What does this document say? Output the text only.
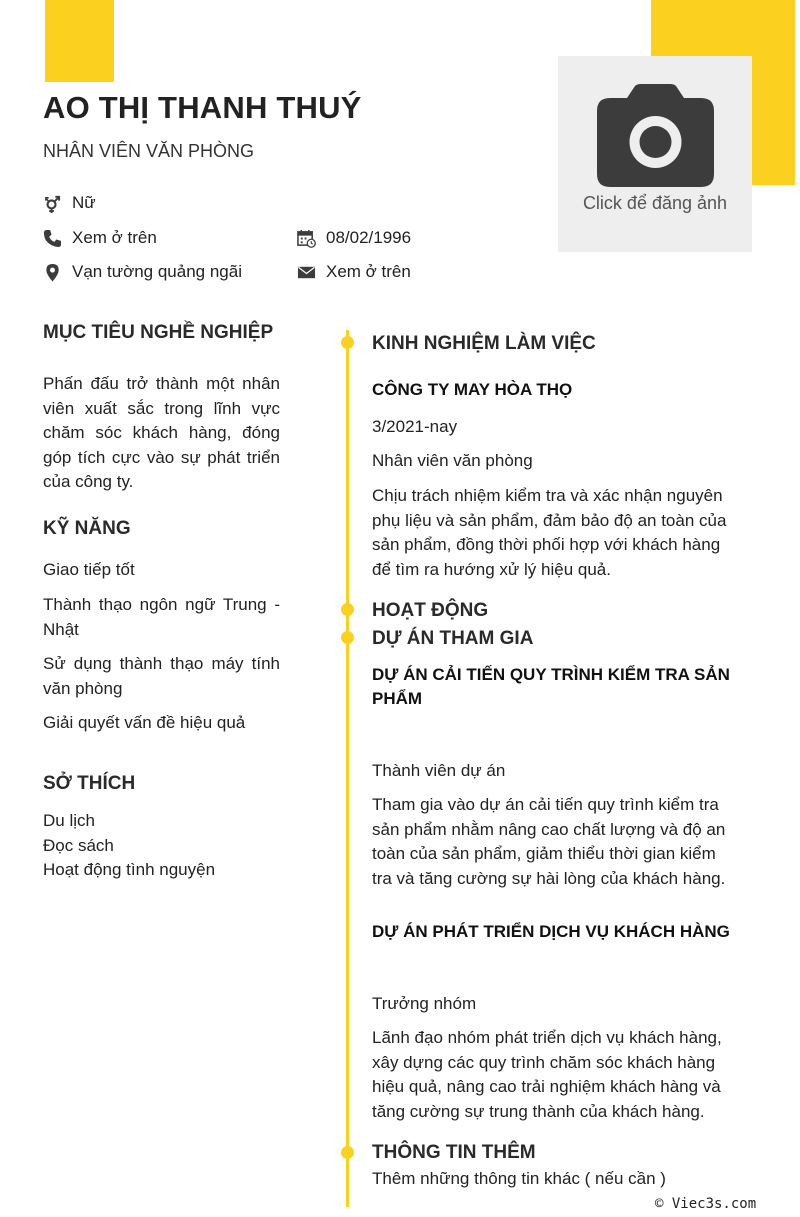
Click để đăng ảnh
AO THỊ THANH THUÝ
NHÂN VIÊN VĂN PHÒNG
Nữ
Xem ở trên	08/02/1996
Vạn tường quảng ngãi	Xem ở trên
MỤC TIÊU NGHỀ NGHIỆP
Phấn đấu trở thành một nhân viên xuất sắc trong lĩnh vực chăm sóc khách hàng, đóng góp tích cực vào sự phát triển của công ty.
KỸ NĂNG
Giao tiếp tốt
Thành thạo ngôn ngữ Trung - Nhật
Sử dụng thành thạo máy tính văn phòng
Giải quyết vấn đề hiệu quả
SỞ THÍCH
Du lịch
Đọc sách
Hoạt động tình nguyện
KINH NGHIỆM LÀM VIỆC
CÔNG TY MAY HÒA THỌ
3/2021-nay
Nhân viên văn phòng
Chịu trách nhiệm kiểm tra và xác nhận nguyên phụ liệu và sản phẩm, đảm bảo độ an toàn của sản phẩm, đồng thời phối hợp với khách hàng để tìm ra hướng xử lý hiệu quả.
HOẠT ĐỘNG
DỰ ÁN THAM GIA
DỰ ÁN CẢI TIẾN QUY TRÌNH KIỂM TRA SẢN PHẨM
Thành viên dự án
Tham gia vào dự án cải tiến quy trình kiểm tra sản phẩm nhằm nâng cao chất lượng và độ an toàn của sản phẩm, giảm thiểu thời gian kiểm tra và tăng cường sự hài lòng của khách hàng.
DỰ ÁN PHÁT TRIỂN DỊCH VỤ KHÁCH HÀNG
Trưởng nhóm
Lãnh đạo nhóm phát triển dịch vụ khách hàng, xây dựng các quy trình chăm sóc khách hàng hiệu quả, nâng cao trải nghiệm khách hàng và tăng cường sự trung thành của khách hàng.
THÔNG TIN THÊM
Thêm những thông tin khác ( nếu cần )
© Viec3s.com
